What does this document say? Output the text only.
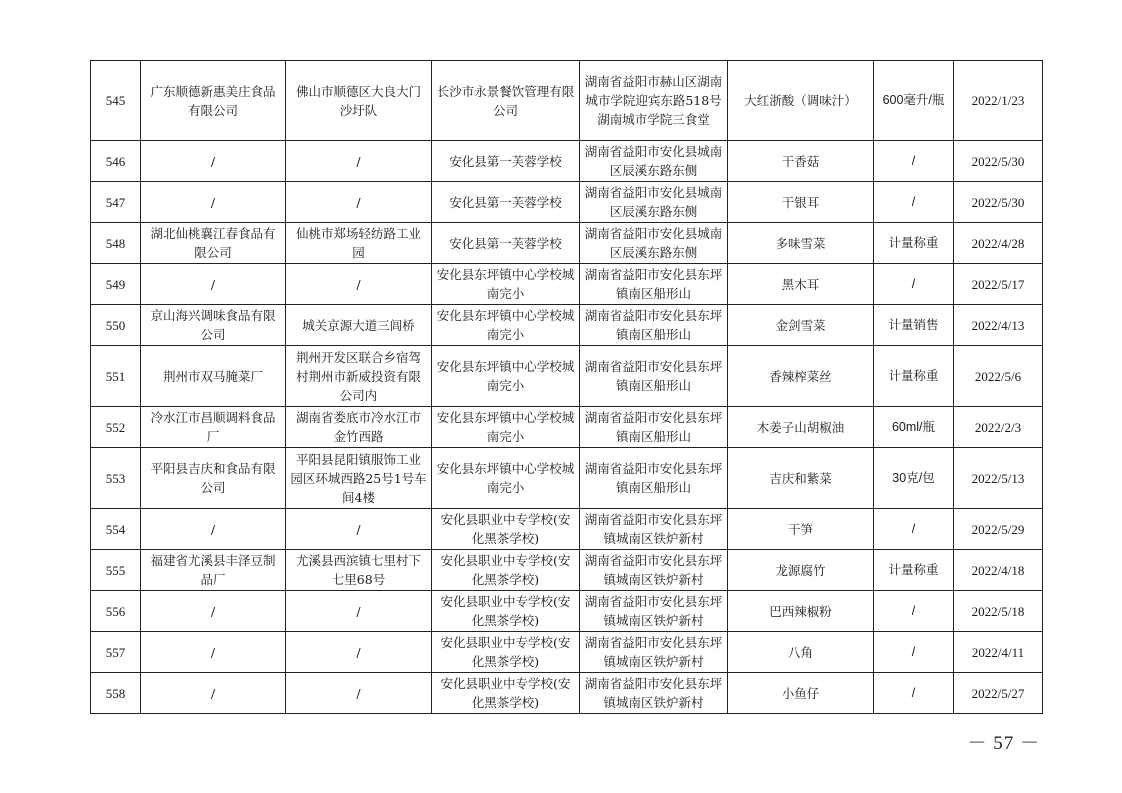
545	广东顺德新惠美庄食品有限公司	佛山市顺德区大良大门沙圩队	长沙市永景餐饮管理有限公司	湖南省益阳市赫山区湖南城市学院迎宾东路518号湖南城市学院三食堂	大红浙酸（调味汁）	600毫升/瓶	2022/1/23
546	/	/	安化县第一芙蓉学校	湖南省益阳市安化县城南区辰溪东路东侧	干香菇	/	2022/5/30
547	/	/	安化县第一芙蓉学校	湖南省益阳市安化县城南区辰溪东路东侧	干银耳	/	2022/5/30
548	湖北仙桃襄江春食品有限公司	仙桃市郑场轻纺路工业园	安化县第一芙蓉学校	湖南省益阳市安化县城南区辰溪东路东侧	多味雪菜	计量称重	2022/4/28
549	/	/	安化县东坪镇中心学校城南完小	湖南省益阳市安化县东坪镇南区船形山	黑木耳	/	2022/5/17
550	京山海兴调味食品有限公司	城关京源大道三闾桥	安化县东坪镇中心学校城南完小	湖南省益阳市安化县东坪镇南区船形山	金剑雪菜	计量销售	2022/4/13
551	荆州市双马腌菜厂	荆州开发区联合乡宿驾村荆州市新威投资有限公司内	安化县东坪镇中心学校城南完小	湖南省益阳市安化县东坪镇南区船形山	香辣榨菜丝	计量称重	2022/5/6
552	冷水江市昌顺调料食品厂	湖南省娄底市冷水江市金竹西路	安化县东坪镇中心学校城南完小	湖南省益阳市安化县东坪镇南区船形山	木姜子山胡椒油	60ml/瓶	2022/2/3
553	平阳县吉庆和食品有限公司	平阳县昆阳镇服饰工业园区环城西路25号1号车间4楼	安化县东坪镇中心学校城南完小	湖南省益阳市安化县东坪镇南区船形山	吉庆和紫菜	30克/包	2022/5/13
554	/	/	安化县职业中专学校(安化黑茶学校)	湖南省益阳市安化县东坪镇城南区铁炉新村	干笋	/	2022/5/29
555	福建省尤溪县丰泽豆制品厂	尤溪县西滨镇七里村下七里68号	安化县职业中专学校(安化黑茶学校)	湖南省益阳市安化县东坪镇城南区铁炉新村	龙源腐竹	计量称重	2022/4/18
556	/	/	安化县职业中专学校(安化黑茶学校)	湖南省益阳市安化县东坪镇城南区铁炉新村	巴西辣椒粉	/	2022/5/18
557	/	/	安化县职业中专学校(安化黑茶学校)	湖南省益阳市安化县东坪镇城南区铁炉新村	八角	/	2022/4/11
558	/	/	安化县职业中专学校(安化黑茶学校)	湖南省益阳市安化县东坪镇城南区铁炉新村	小鱼仔	/	2022/5/27
－ 57 －
